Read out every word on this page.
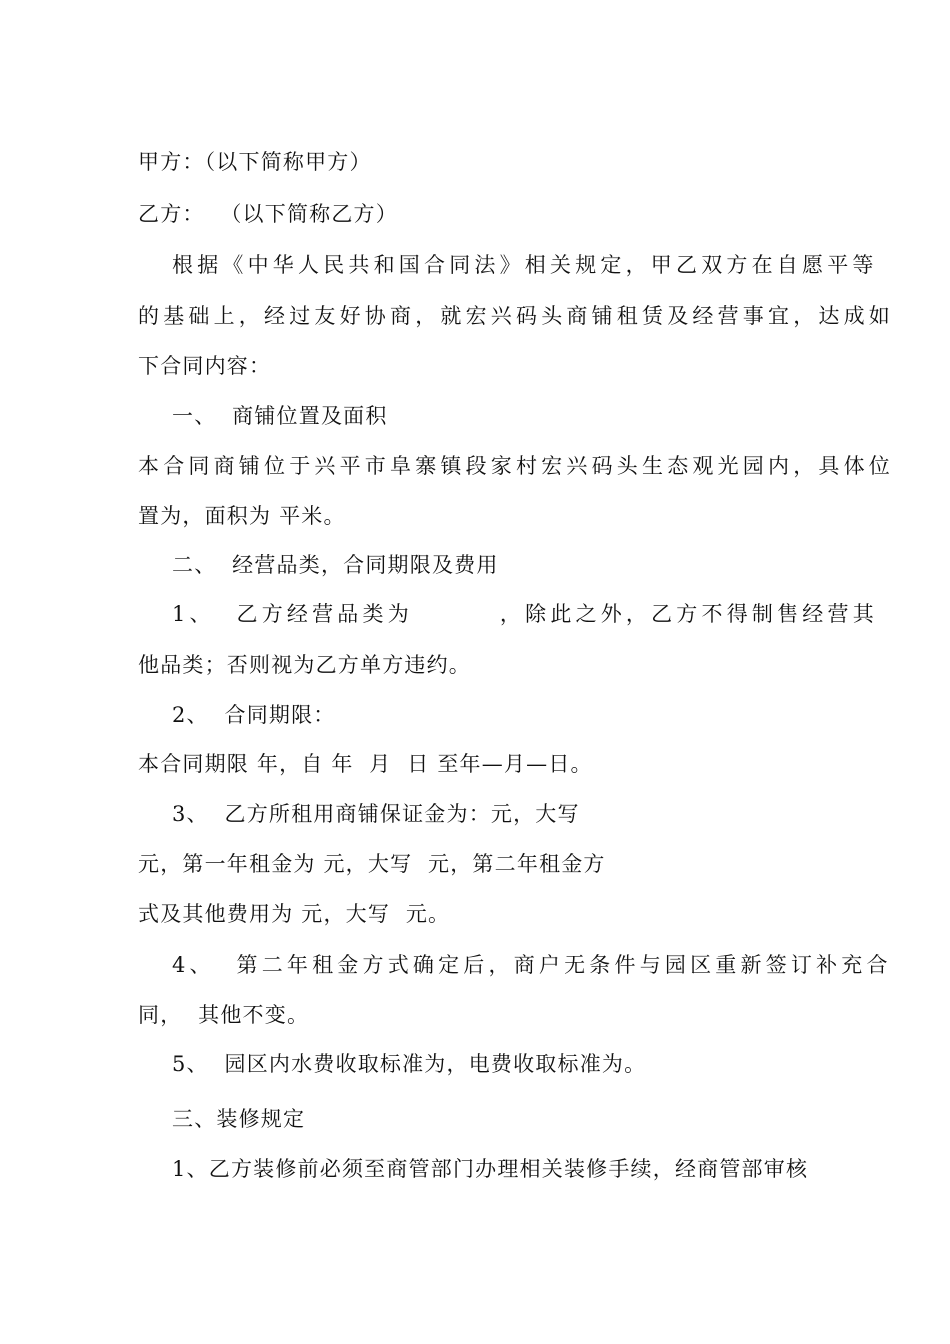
甲方：（以下简称甲方）
乙方：  （以下简称乙方）
根据《中华人民共和国合同法》相关规定，甲乙双方在自愿平等
的基础上，经过友好协商，就宏兴码头商铺租赁及经营事宜，达成如
下合同内容：
一、  商铺位置及面积
本合同商铺位于兴平市阜寨镇段家村宏兴码头生态观光园内，具体位
置为，面积为 平米。
二、  经营品类，合同期限及费用
1、  乙方经营品类为        ，除此之外，乙方不得制售经营其
他品类；否则视为乙方单方违约。
2、  合同期限：
本合同期限 年，自 年  月  日 至年—月—日。
3、  乙方所租用商铺保证金为：元，大写
元，第一年租金为 元，大写  元，第二年租金方
式及其他费用为 元，大写  元。
4、  第二年租金方式确定后，商户无条件与园区重新签订补充合
同，  其他不变。
5、  园区内水费收取标准为，电费收取标准为。
三、装修规定
1、乙方装修前必须至商管部门办理相关装修手续，经商管部审核
